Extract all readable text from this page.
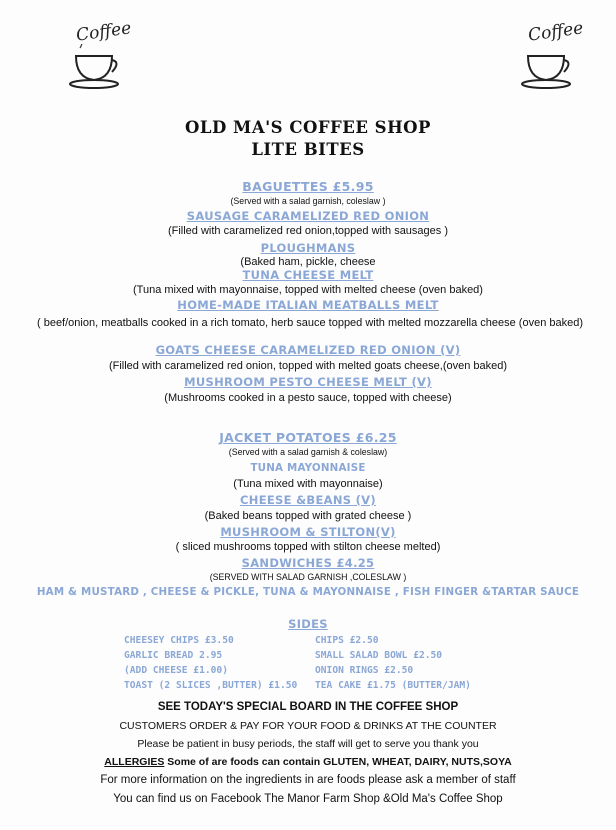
Coffee	Coffee
OLD MA'S COFFEE SHOP
LITE BITES
BAGUETTES £5.95
(Served with a salad garnish, coleslaw )
SAUSAGE CARAMELIZED RED ONION
(Filled with caramelized red onion,topped with sausages )
PLOUGHMANS
(Baked ham, pickle, cheese
TUNA CHEESE MELT
(Tuna mixed with mayonnaise, topped with melted cheese (oven baked)
HOME-MADE ITALIAN MEATBALLS MELT
( beef/onion, meatballs cooked in a rich tomato, herb sauce topped with melted mozzarella cheese (oven baked)
GOATS CHEESE CARAMELIZED RED ONION (V)
(Filled with caramelized red onion, topped with melted goats cheese,(oven baked)
MUSHROOM PESTO CHEESE MELT (V)
(Mushrooms cooked in a pesto sauce, topped with cheese)
JACKET POTATOES £6.25
(Served with a salad garnish & coleslaw)
TUNA MAYONNAISE
(Tuna mixed with mayonnaise)
CHEESE &BEANS (V)
(Baked beans topped with grated cheese )
MUSHROOM & STILTON(V)
( sliced mushrooms topped with stilton cheese melted)
SANDWICHES £4.25
(SERVED WITH SALAD GARNISH ,COLESLAW )
HAM & MUSTARD , CHEESE & PICKLE, TUNA & MAYONNAISE , FISH FINGER &TARTAR SAUCE
SIDES
CHEESEY CHIPS £3.50
GARLIC BREAD 2.95
(ADD CHEESE £1.00)
TOAST (2 SLICES ,BUTTER) £1.50
CHIPS £2.50
SMALL SALAD BOWL £2.50
ONION RINGS £2.50
TEA CAKE £1.75 (BUTTER/JAM)
SEE TODAY'S SPECIAL BOARD IN THE COFFEE SHOP
CUSTOMERS ORDER & PAY FOR YOUR FOOD & DRINKS AT THE COUNTER
Please be patient in busy periods, the staff will get to serve you thank you
ALLERGIES Some of are foods can contain GLUTEN, WHEAT, DAIRY, NUTS,SOYA
For more information on the ingredients in are foods please ask a member of staff
You can find us on Facebook The Manor Farm Shop &Old Ma's Coffee Shop
